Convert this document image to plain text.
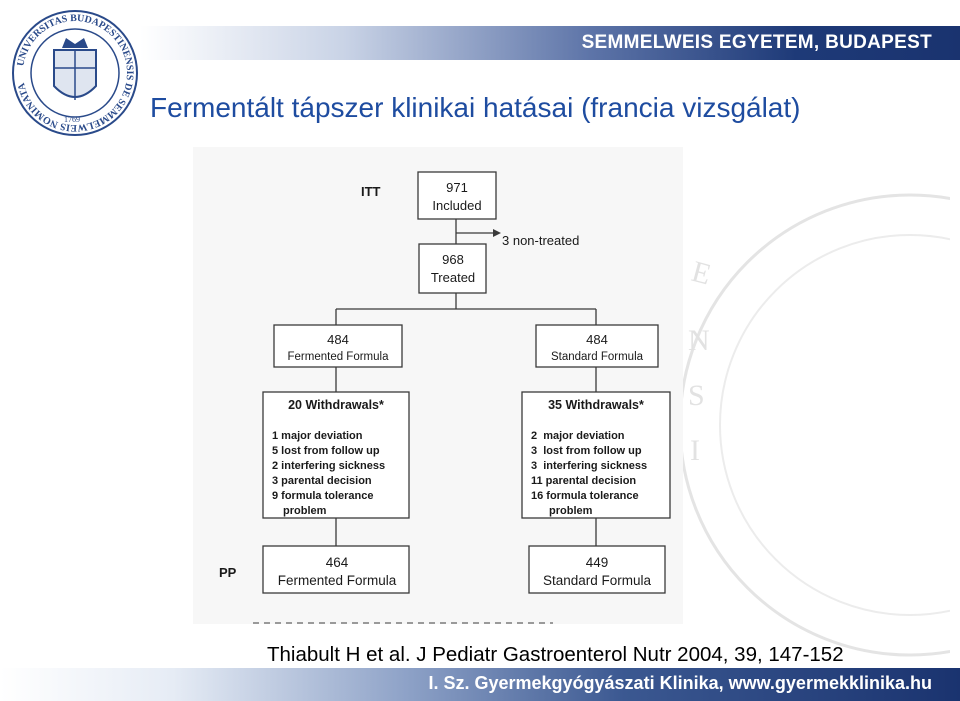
SEMMELWEIS EGYETEM, BUDAPEST
UNIVERSITAS BUDAPESTINENSIS DE SEMMELWEIS NOMINATA
1769	Fermentált tápszer klinikai hatásai (francia vizsgálat)
E
N
S
I
ITT
PP
971
Included
3 non-treated
968
Treated
484
Fermented Formula
484
Standard Formula
20 Withdrawals*
1 major deviation
5 lost from follow up
2 interfering sickness
3 parental decision
9 formula tolerance
problem
35 Withdrawals*
2  major deviation
3  lost from follow up
3  interfering sickness
11 parental decision
16 formula tolerance
problem
464
Fermented Formula
449
Standard Formula
Thiabult H et al. J Pediatr Gastroenterol Nutr 2004, 39, 147-152
I. Sz. Gyermekgyógyászati Klinika, www.gyermekklinika.hu
